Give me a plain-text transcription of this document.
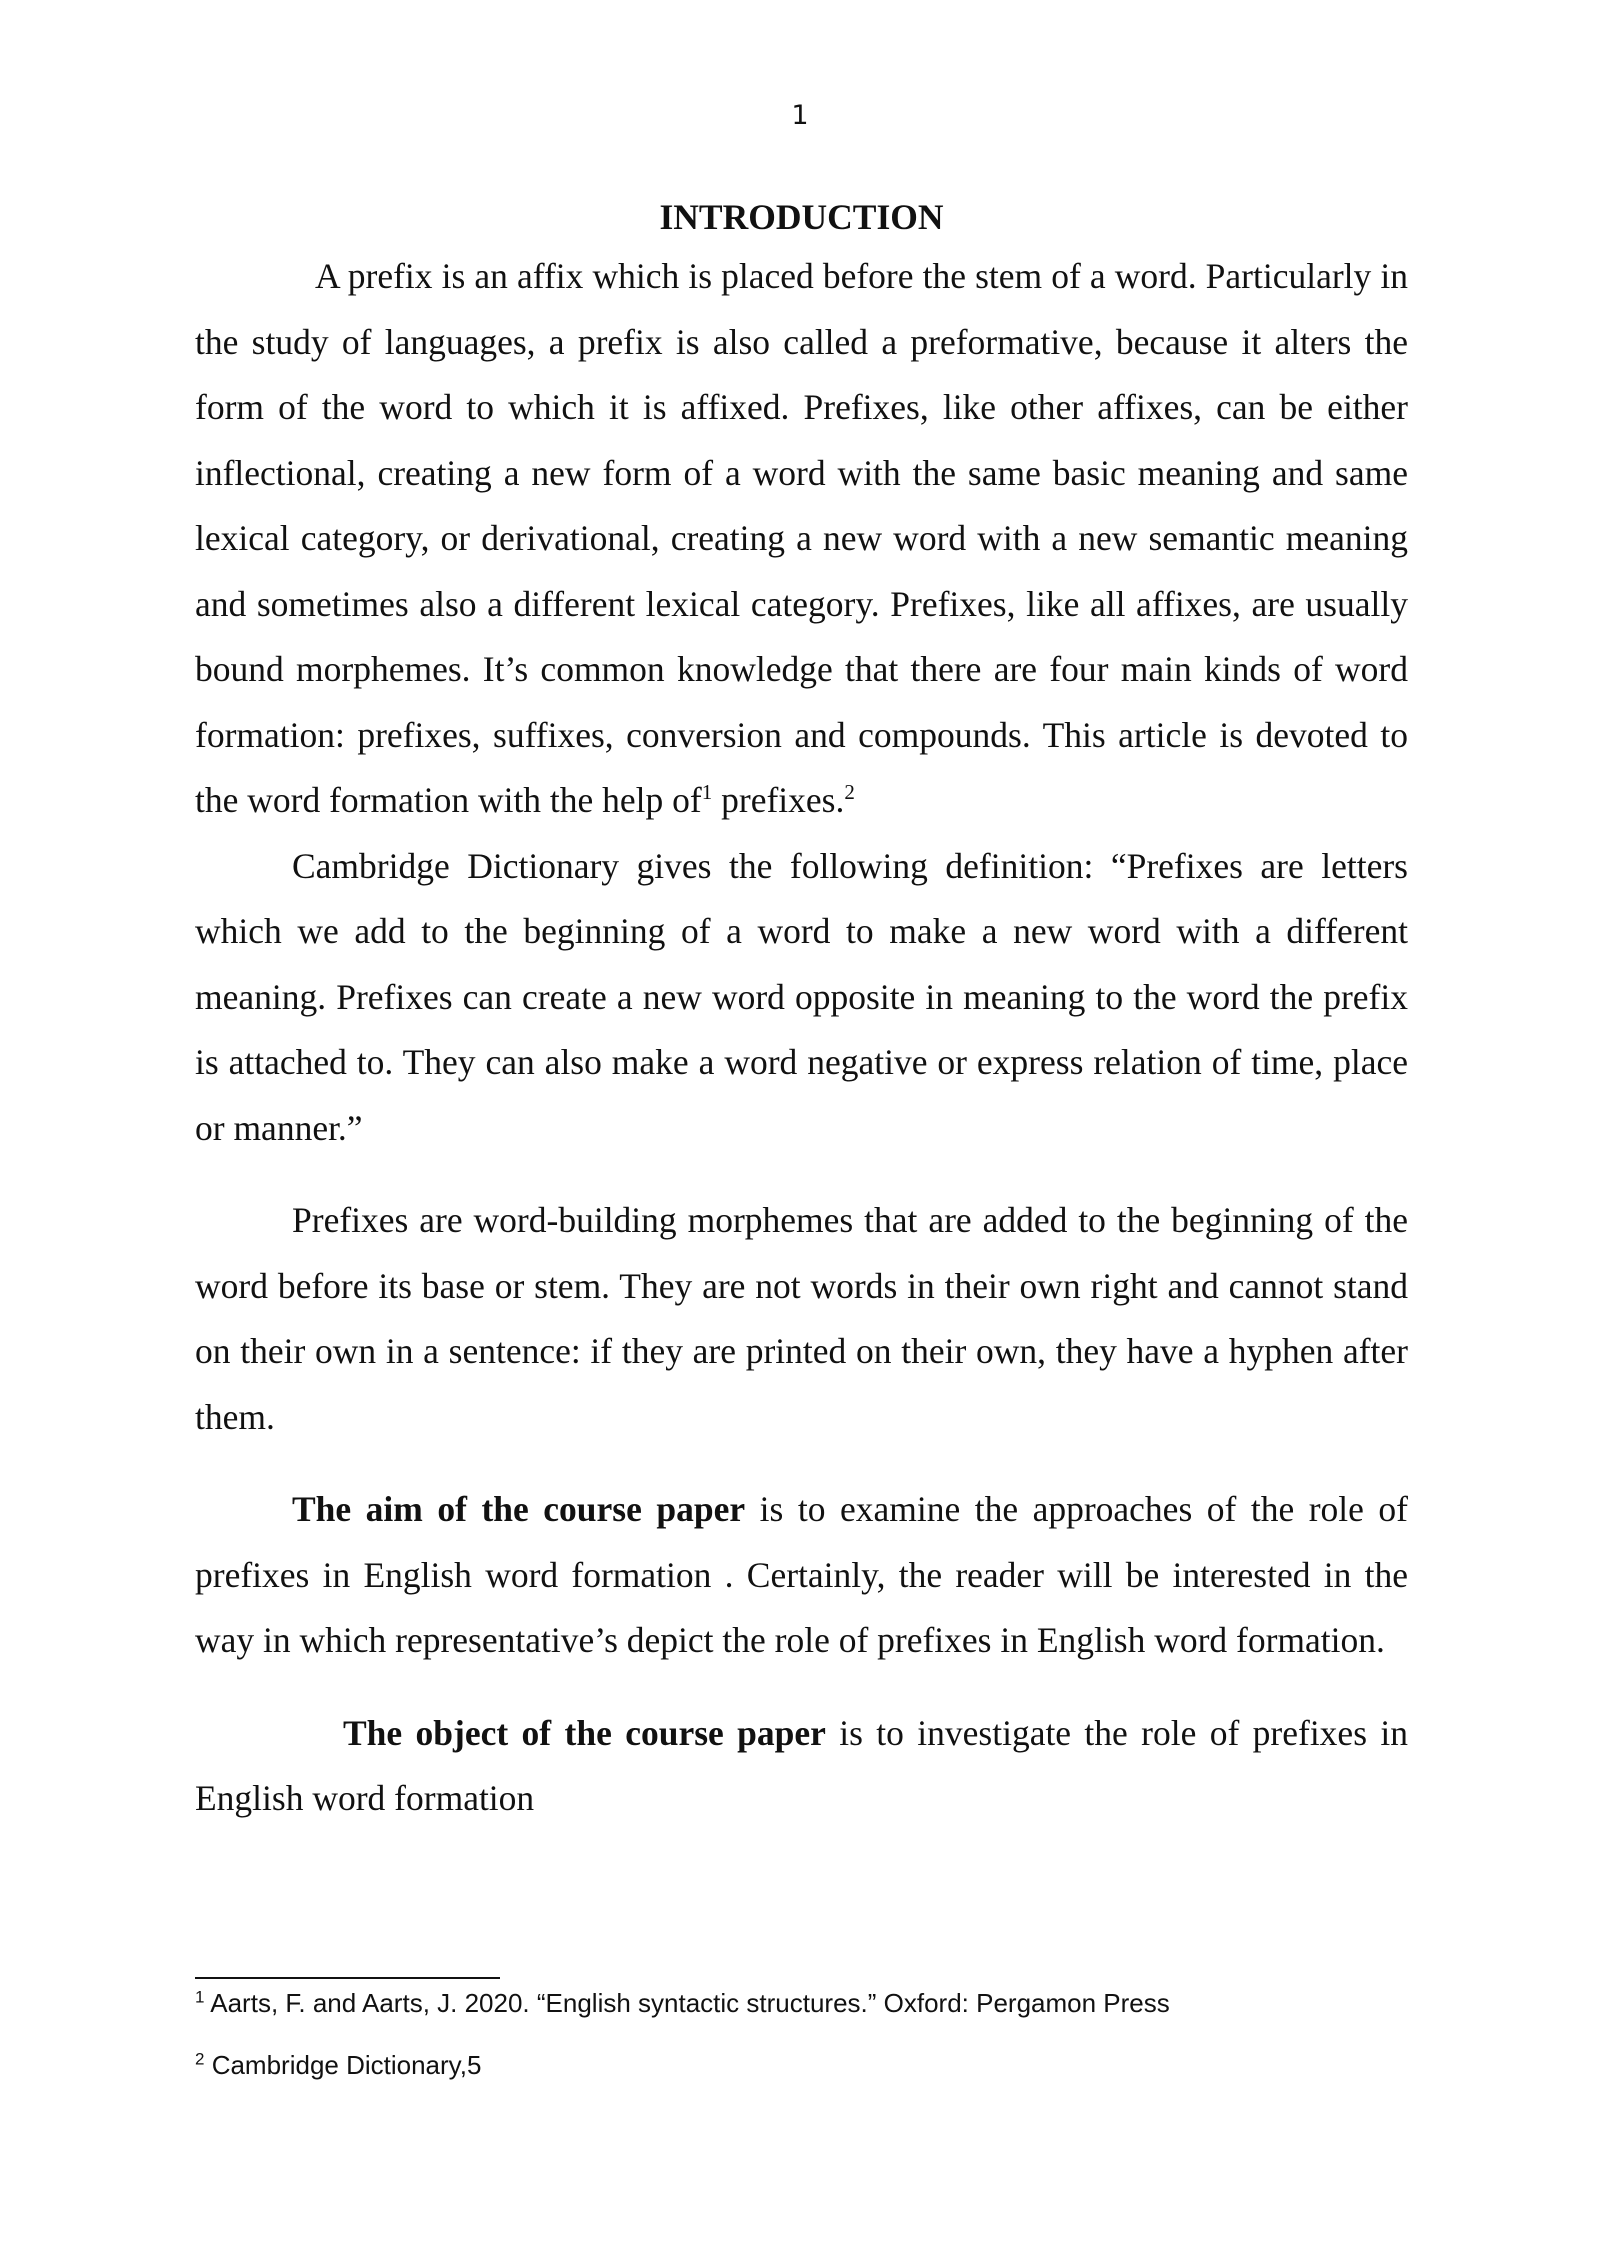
1
INTRODUCTION

A prefix is an affix which is placed before the stem of a word. Particularly in the study of languages, a prefix is also called a preformative, because it alters the form of the word to which it is affixed. Prefixes, like other affixes, can be either inflectional, creating a new form of a word with the same basic meaning and same lexical category, or derivational, creating a new word with a new semantic meaning and sometimes also a different lexical category. Prefixes, like all affixes, are usually bound morphemes. It’s common knowledge that there are four main kinds of word formation: prefixes, suffixes, conversion and compounds. This article is devoted to the word formation with the help $of^1$ prefixes.$^2$

Cambridge Dictionary gives the following definition: “Prefixes are letters which we add to the beginning of a word to make a new word with a different meaning. Prefixes can create a new word opposite in meaning to the word the prefix is attached to. They can also make a word negative or express relation of time, place or manner.”

Prefixes are word-building morphemes that are added to the beginning of the word before its base or stem. They are not words in their own right and cannot stand on their own in a sentence: if they are printed on their own, they have a hyphen after them.

The aim of the course paper is to examine the approaches of the role of prefixes in English word formation . Certainly, the reader will be interested in the way in which representative’s depict the role of prefixes in English word formation.

The object of the course paper is to investigate the role of prefixes in English word formation

$^1$ Aarts, F. and Aarts, J. 2020. “English syntactic structures.” Oxford: Pergamon Press

$^2$ Cambridge Dictionary,5
